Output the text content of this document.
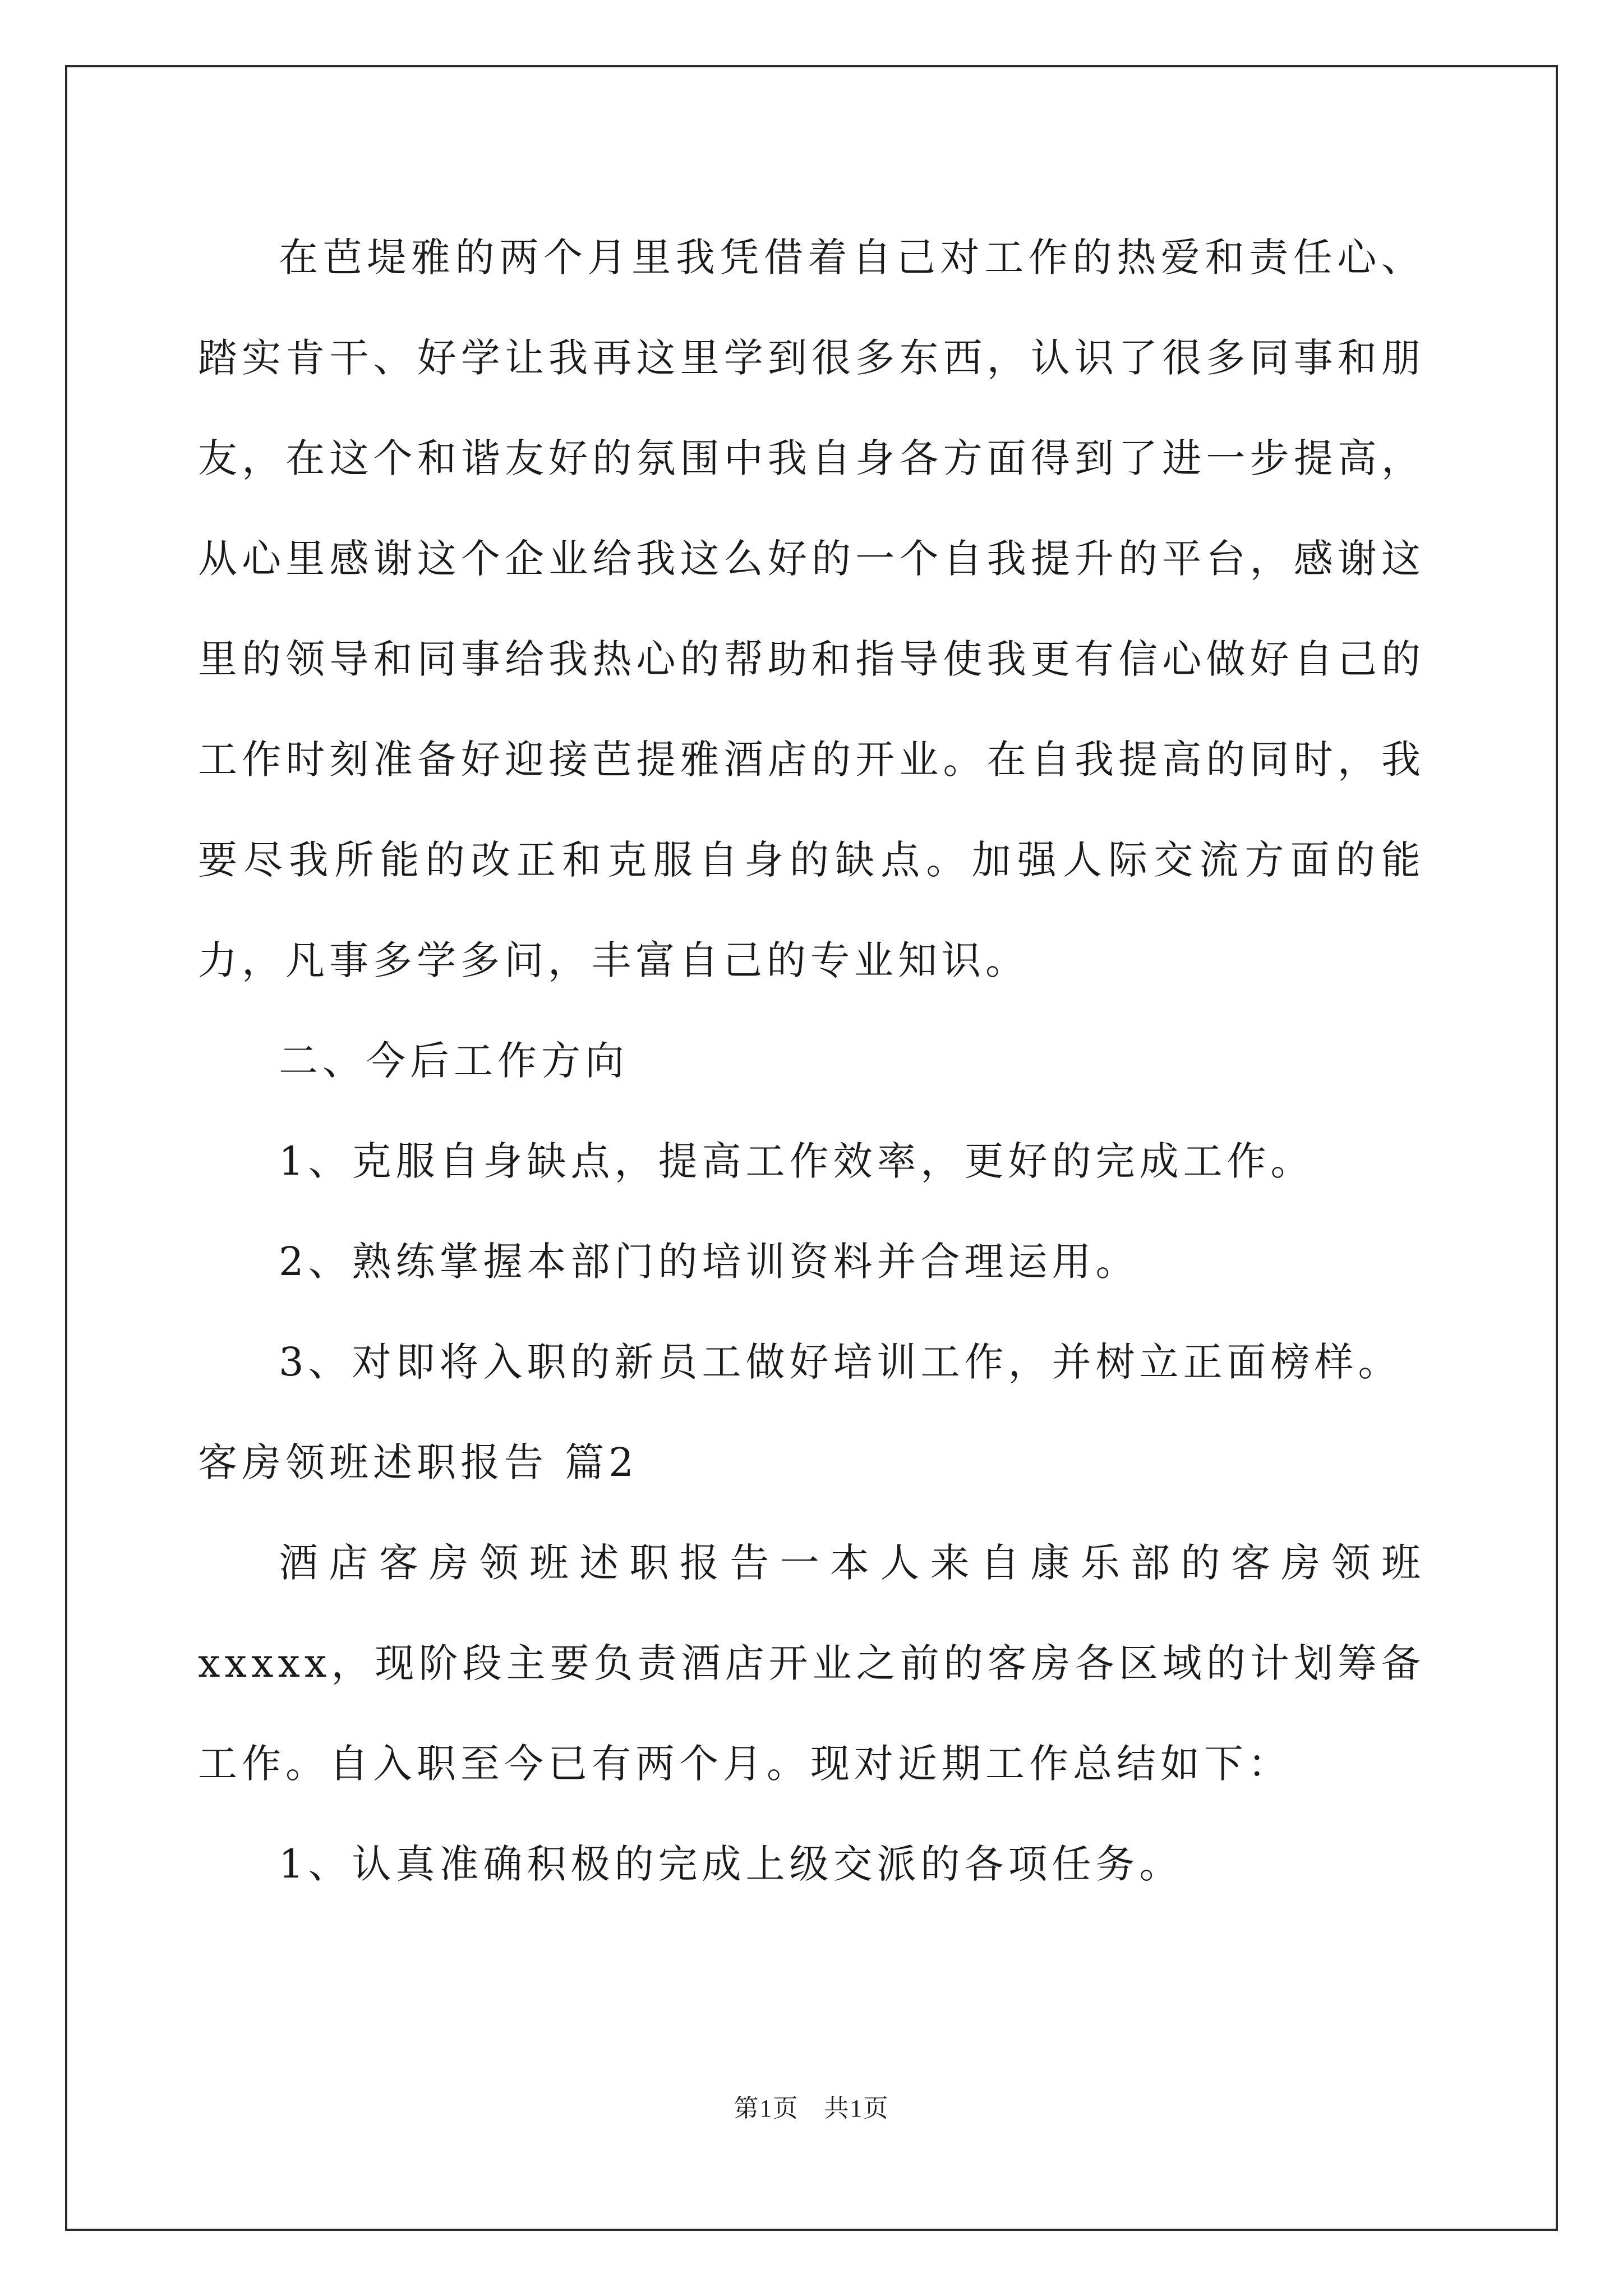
在芭堤雅的两个月里我凭借着自己对工作的热爱和责任心、踏实肯干、好学让我再这里学到很多东西，认识了很多同事和朋友，在这个和谐友好的氛围中我自身各方面得到了进一步提高，从心里感谢这个企业给我这么好的一个自我提升的平台，感谢这里的领导和同事给我热心的帮助和指导使我更有信心做好自己的工作时刻准备好迎接芭提雅酒店的开业。在自我提高的同时，我要尽我所能的改正和克服自身的缺点。加强人际交流方面的能力，凡事多学多问，丰富自己的专业知识。

二、今后工作方向

1、克服自身缺点，提高工作效率，更好的完成工作。

2、熟练掌握本部门的培训资料并合理运用。

3、对即将入职的新员工做好培训工作，并树立正面榜样。

客房领班述职报告 篇2

酒店客房领班述职报告一本人来自康乐部的客房领班xxxxx，现阶段主要负责酒店开业之前的客房各区域的计划筹备工作。自入职至今已有两个月。现对近期工作总结如下：

1、认真准确积极的完成上级交派的各项任务。

第1页 共1页
